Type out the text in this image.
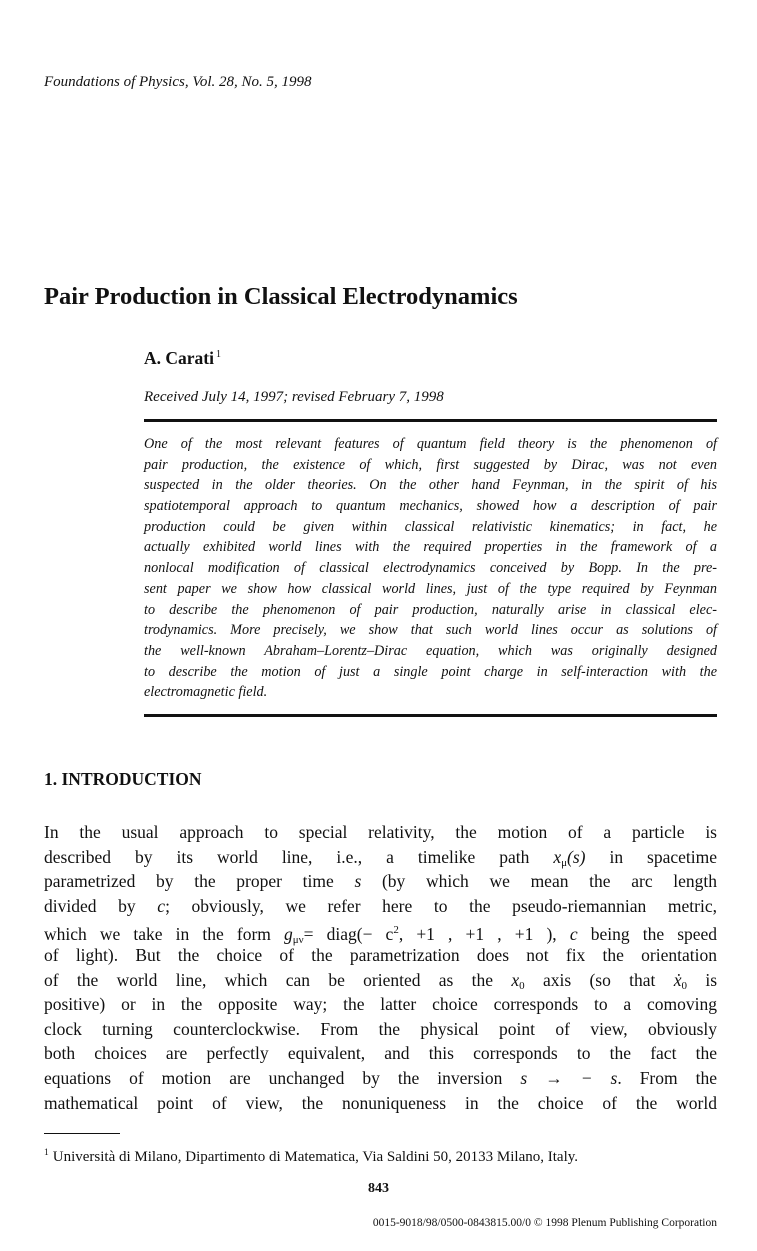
Foundations of Physics, Vol. 28, No. 5, 1998
Pair Production in Classical Electrodynamics
A. Carati $^1$
Received July 14, 1997; revised February 7, 1998
One of the most relevant features of quantum field theory is the phenomenon of
pair production, the existence of which, first suggested by Dirac, was not even
suspected in the older theories. On the other hand Feynman, in the spirit of his
spatiotemporal approach to quantum mechanics, showed how a description of pair
production could be given within classical relativistic kinematics; in fact, he
actually exhibited world lines with the required properties in the framework of a
nonlocal modification of classical electrodynamics conceived by Bopp. In the pre-
sent paper we show how classical world lines, just of the type required by Feynman
to describe the phenomenon of pair production, naturally arise in classical elec-
trodynamics. More precisely, we show that such world lines occur as solutions of
the well-known Abraham–Lorentz–Dirac equation, which was originally designed
to describe the motion of just a single point charge in self-interaction with the
electromagnetic field.
1. INTRODUCTION
In the usual approach to special relativity, the motion of a particle is
described by its world line, i.e., a timelike path $x_\mu(s)$ in spacetime
parametrized by the proper time s (by which we mean the arc length
divided by c; obviously, we refer here to the pseudo-riemannian metric,
which we take in the form $g_{\mu\nu}=$ diag(− $c^2$, +1 , +1 , +1 ), c being the speed
of light). But the choice of the parametrization does not fix the orientation
of the world line, which can be oriented as the $x_0$ axis (so that ẋ$_0$ is
positive) or in the opposite way; the latter choice corresponds to a comoving
clock turning counterclockwise. From the physical point of view, obviously
both choices are perfectly equivalent, and this corresponds to the fact the
equations of motion are unchanged by the inversion s → − s. From the
mathematical point of view, the nonuniqueness in the choice of the world
$^1$ Università di Milano, Dipartimento di Matematica, Via Saldini 50, 20133 Milano, Italy.
843
0015-9018/98/0500-0843815.00/0 © 1998 Plenum Publishing Corporation
